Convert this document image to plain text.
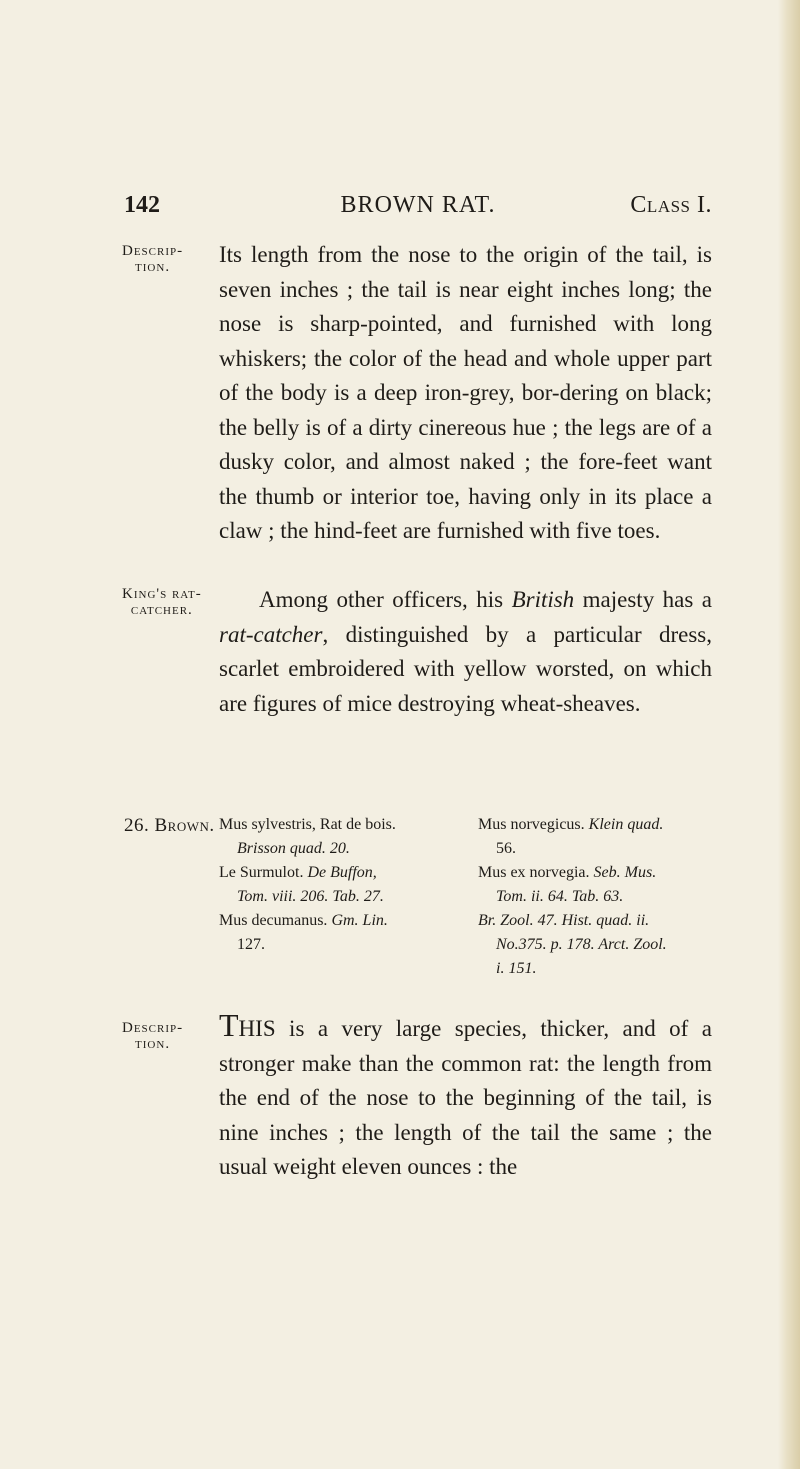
142	BROWN RAT.	Class I.
Descrip-
tion.	Its length from the nose to the origin of the tail, is seven inches ; the tail is near eight inches long; the nose is sharp-pointed, and furnished with long whiskers; the color of the head and whole upper part of the body is a deep iron-grey, bor-dering on black; the belly is of a dirty cinereous hue ; the legs are of a dusky color, and almost naked ; the fore-feet want the thumb or interior toe, having only in its place a claw ; the hind-feet are furnished with five toes.

King's rat-
catcher.	Among other officers, his British majesty has a rat-catcher, distinguished by a particular dress, scarlet embroidered with yellow worsted, on which are figures of mice destroying wheat-sheaves.

26. Brown. Mus sylvestris, Rat de bois.
Brisson quad. 20.
Le Surmulot. De Buffon,
Tom. viii. 206. Tab. 27.
Mus decumanus. Gm. Lin.
127.
Mus norvegicus. Klein quad.
56.
Mus ex norvegia. Seb. Mus.
Tom. ii. 64. Tab. 63.
Br. Zool. 47. Hist. quad. ii.
No.375. p. 178. Arct. Zool.
i. 151.
Descrip-
tion.

THIS is a very large species, thicker, and of a stronger make than the common rat: the length from the end of the nose to the beginning of the tail, is nine inches ; the length of the tail the same ; the usual weight eleven ounces : the
